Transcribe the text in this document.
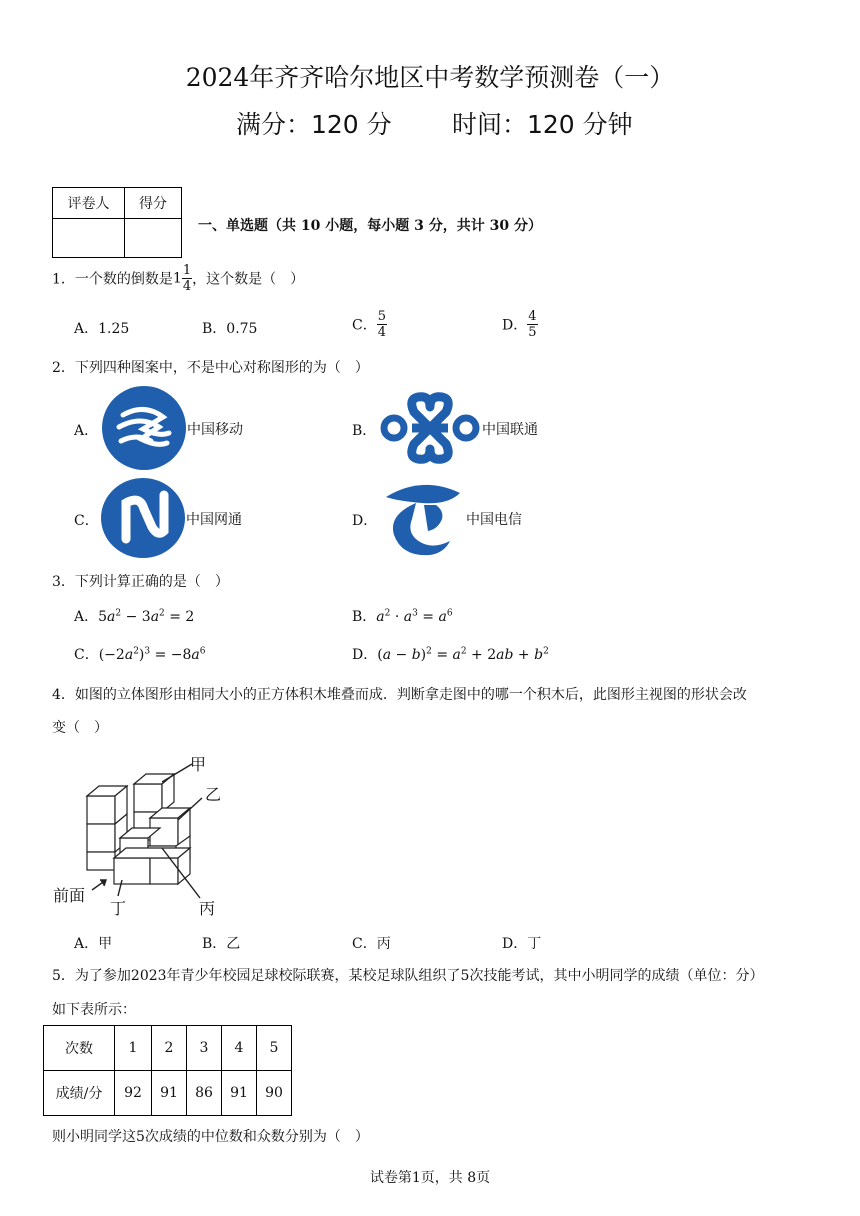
2024年齐齐哈尔地区中考数学预测卷（一）
满分：120 分 时间：120 分钟
评卷人	得分

一、单选题（共 10 小题，每小题 3 分，共计 30 分）
1．一个数的倒数是$1 \frac{1}{4}$ ，这个数是（　）
A．1.25	B．0.75	C． $\frac{5}{4}$	D． $\frac{4}{5}$
2．下列四种图案中，不是中心对称图形的为（　）
A．	中国移动	B．	中国联通
C．	中国网通	D．	中国电信
3．下列计算正确的是（　）
A．$5a^2 - 3a^2 = 2$	B．$a^2 \cdot a^3 = a^6$
C．$(-2a^2)^3 = -8a^6$	D．$(a - b)^2 = a^2 + 2ab + b^2$
4．如图的立体图形由相同大小的正方体积木堆叠而成．判断拿走图中的哪一个积木后，此图形主视图的形状会改
变（　）
甲
乙
前面
丁	丙
A．甲	B．乙	C．丙	D．丁
5．为了参加2023年青少年校园足球校际联赛，某校足球队组织了5次技能考试，其中小明同学的成绩（单位：分）
如下表所示：
次数	1	2	3	4	5
成绩/分	92	91	86	91	90
则小明同学这5次成绩的中位数和众数分别为（　）
试卷第1页，共 8页
